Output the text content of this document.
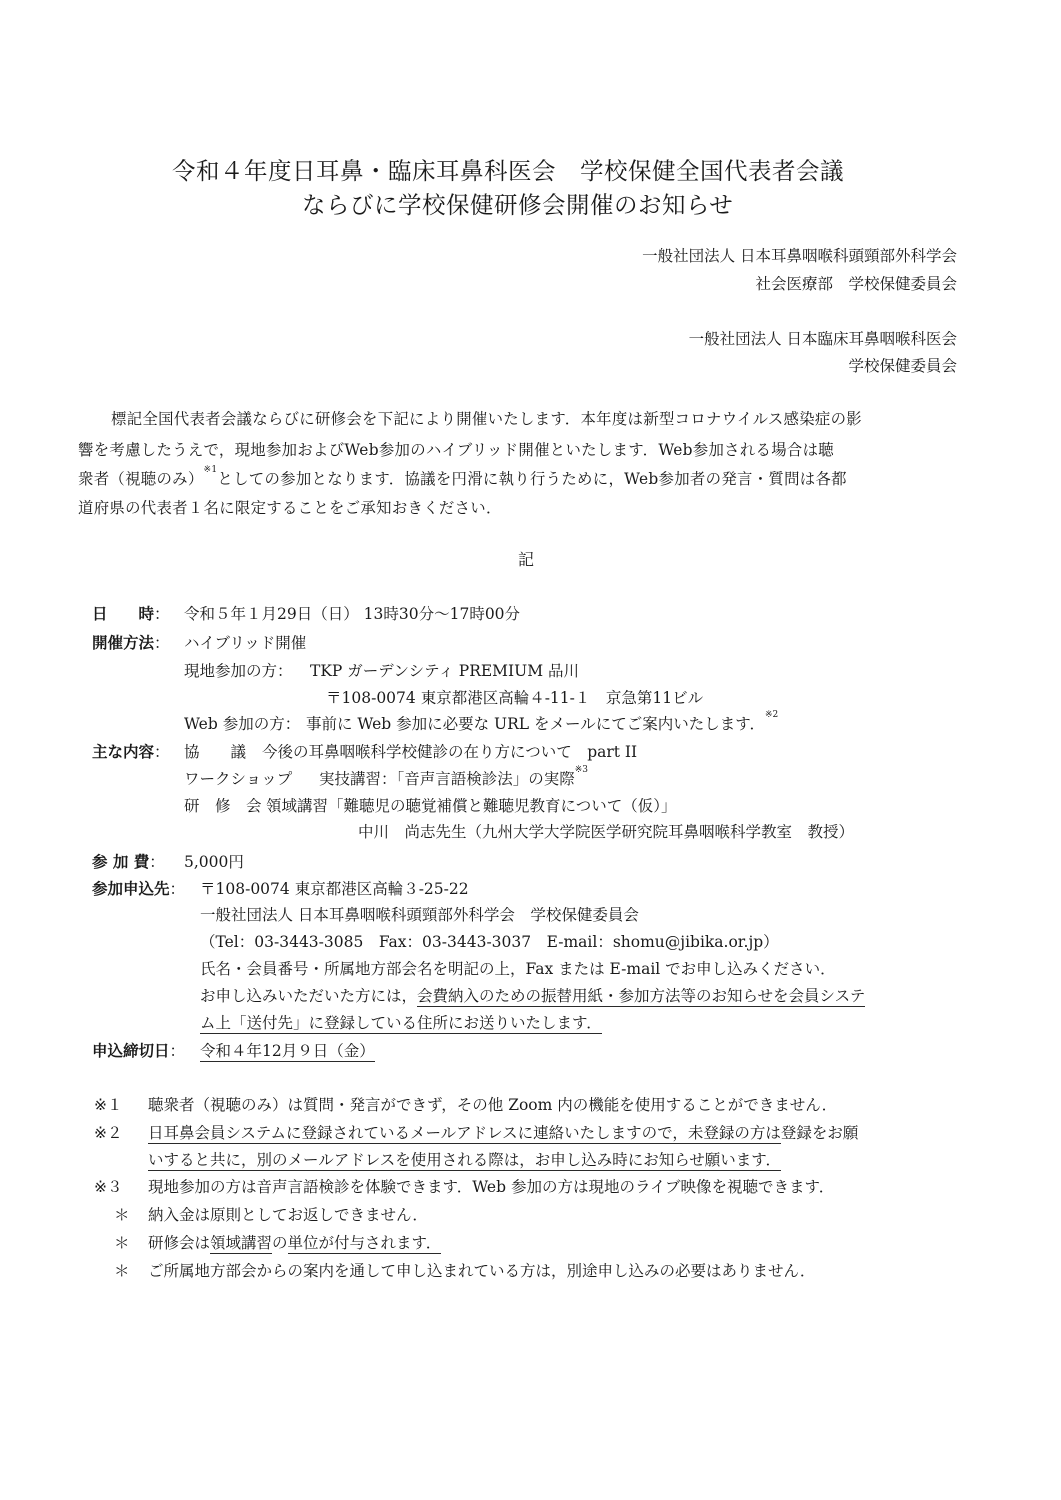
令和４年度日耳鼻・臨床耳鼻科医会　学校保健全国代表者会議
ならびに学校保健研修会開催のお知らせ
一般社団法人 日本耳鼻咽喉科頭頸部外科学会
社会医療部　学校保健委員会
一般社団法人 日本臨床耳鼻咽喉科医会
学校保健委員会
標記全国代表者会議ならびに研修会を下記により開催いたします．本年度は新型コロナウイルス感染症の影
響を考慮したうえで，現地参加およびWeb参加のハイブリッド開催といたします．Web参加される場合は聴
衆者（視聴のみ）$^{※1}$としての参加となります．協議を円滑に執り行うために，Web参加者の発言・質問は各都
道府県の代表者１名に限定することをご承知おきください．
記
日　　時： 令和５年１月29日（日） 13時30分～17時00分
開催方法： ハイブリッド開催
現地参加の方： TKP ガーデンシティ PREMIUM 品川
〒108-0074 東京都港区高輪４-11-１　京急第11ビル
Web 参加の方： 事前に Web 参加に必要な URL をメールにてご案内いたします．$^{※2}$
主な内容： 協　　議 今後の耳鼻咽喉科学校健診の在り方について　part II
ワークショップ 実技講習：「音声言語検診法」の実際$^{※3}$
研　修　会 領域講習「難聴児の聴覚補償と難聴児教育について（仮）」
中川　尚志先生（九州大学大学院医学研究院耳鼻咽喉科学教室　教授）
参 加 費： 5,000円
参加申込先： 〒108-0074 東京都港区高輪３-25-22
一般社団法人 日本耳鼻咽喉科頭頸部外科学会　学校保健委員会
（Tel：03-3443-3085　Fax：03-3443-3037　E-mail：shomu@jibika.or.jp）
氏名・会員番号・所属地方部会名を明記の上，Fax または E-mail でお申し込みください．
お申し込みいただいた方には，会費納入のための振替用紙・参加方法等のお知らせを会員システ
ム上「送付先」に登録している住所にお送りいたします．
申込締切日： 令和４年12月９日（金）
※１ 聴衆者（視聴のみ）は質問・発言ができず，その他 Zoom 内の機能を使用することができません．
※２ 日耳鼻会員システムに登録されているメールアドレスに連絡いたしますので，未登録の方は登録をお願
いすると共に，別のメールアドレスを使用される際は，お申し込み時にお知らせ願います．
※３ 現地参加の方は音声言語検診を体験できます．Web 参加の方は現地のライブ映像を視聴できます．
＊ 納入金は原則としてお返しできません．
＊ 研修会は領域講習の単位が付与されます．
＊ ご所属地方部会からの案内を通して申し込まれている方は，別途申し込みの必要はありません．
